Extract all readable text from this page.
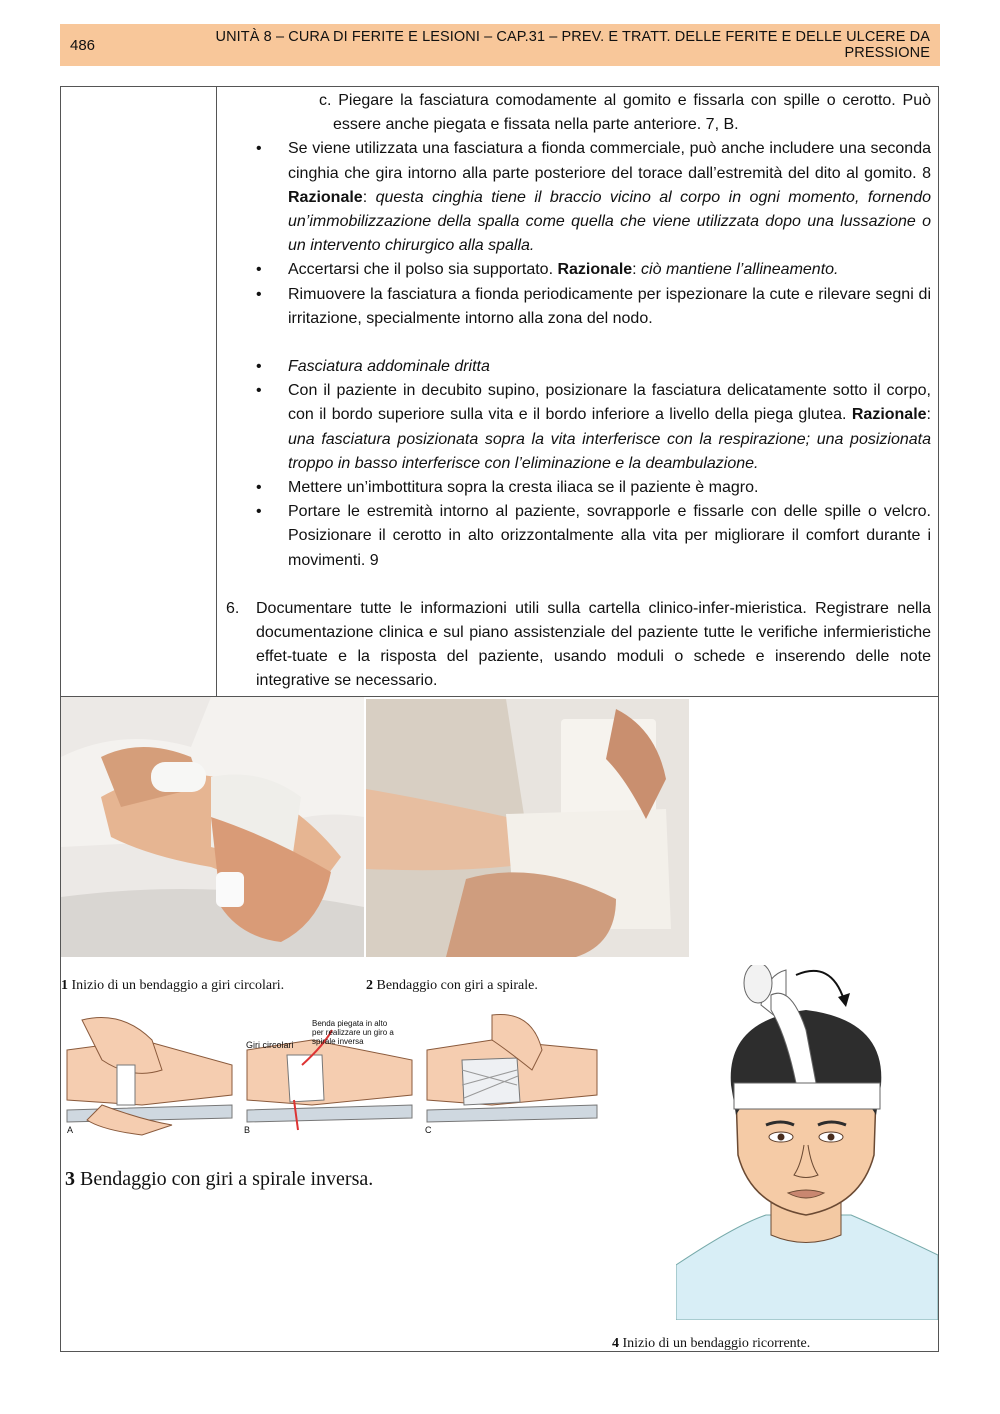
486	UNITÀ 8 – CURA DI FERITE E LESIONI – CAP.31 – PREV. E TRATT. DELLE FERITE E DELLE ULCERE DA PRESSIONE

c. Piegare la fasciatura comodamente al gomito e fissarla con spille o cerotto. Può essere anche piegata e fissata nella parte anteriore. 7, B.

• Se viene utilizzata una fasciatura a fionda commerciale, può anche includere una seconda cinghia che gira intorno alla parte posteriore del torace dall’estremità del dito al gomito. 8 Razionale: questa cinghia tiene il braccio vicino al corpo in ogni momento, fornendo un’immobilizzazione della spalla come quella che viene utilizzata dopo una lussazione o un intervento chirurgico alla spalla.

• Accertarsi che il polso sia supportato. Razionale: ciò mantiene l’allineamento.

• Rimuovere la fasciatura a fionda periodicamente per ispezionare la cute e rilevare segni di irritazione, specialmente intorno alla zona del nodo.

• Fasciatura addominale dritta

• Con il paziente in decubito supino, posizionare la fasciatura delicatamente sotto il corpo, con il bordo superiore sulla vita e il bordo inferiore a livello della piega glutea. Razionale: una fasciatura posizionata sopra la vita interferisce con la respirazione; una posizionata troppo in basso interferisce con l’eliminazione e la deambulazione.

• Mettere un’imbottitura sopra la cresta iliaca se il paziente è magro.

• Portare le estremità intorno al paziente, sovrapporle e fissarle con delle spille o velcro. Posizionare il cerotto in alto orizzontalmente alla vita per migliorare il comfort durante i movimenti. 9

6. Documentare tutte le informazioni utili sulla cartella clinico-infer-mieristica. Registrare nella documentazione clinica e sul piano assistenziale del paziente tutte le verifiche infermieristiche effet-tuate e la risposta del paziente, usando moduli o schede e inserendo delle note integrative se necessario.

1 Inizio di un bendaggio a giri circolari.	2 Bendaggio con giri a spirale.
Giri circolari
Benda piegata in alto per realizzare un giro a spirale inversa
A	B	C
3 Bendaggio con giri a spirale inversa.
4 Inizio di un bendaggio ricorrente.
